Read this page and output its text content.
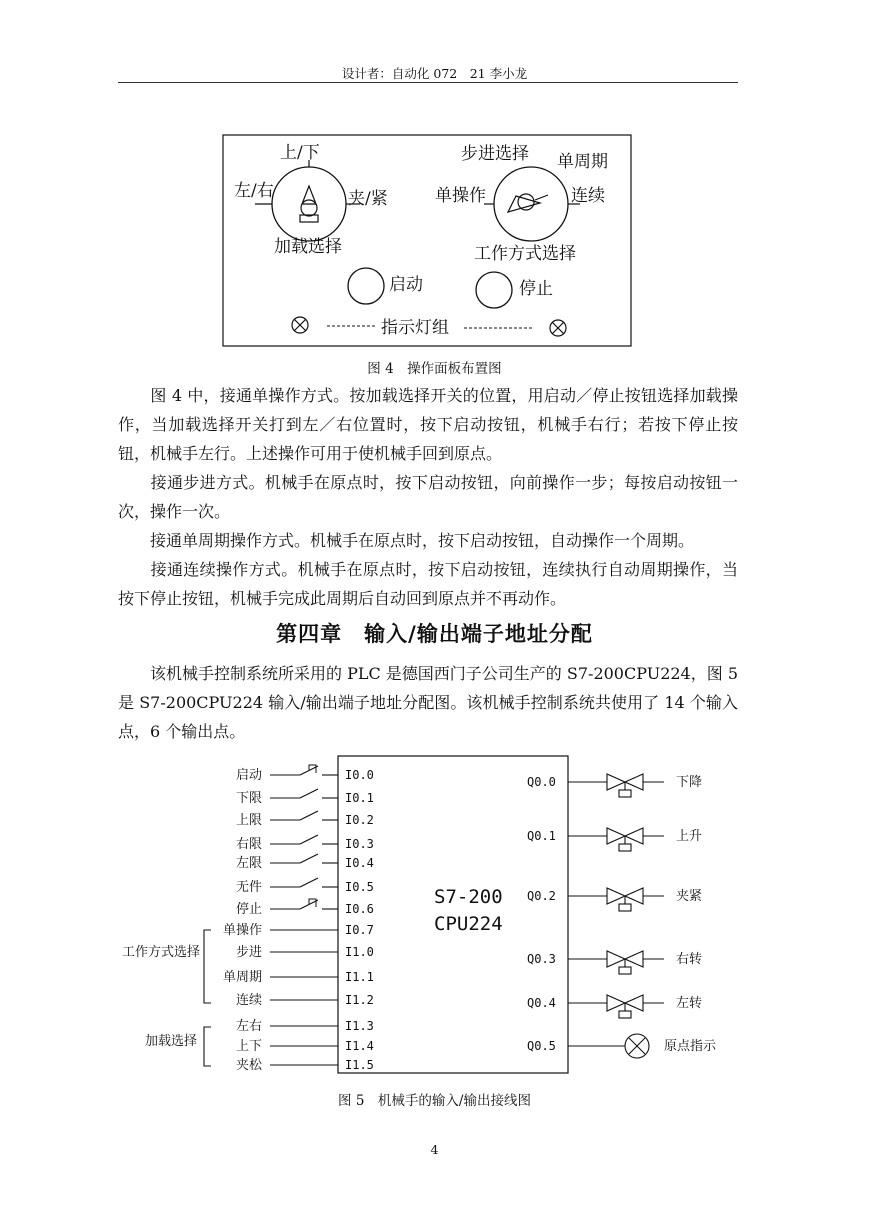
设计者：自动化 072　21 李小龙
上/下
左/右	夹/紧
加载选择
步进选择 单周期
单操作	连续
工作方式选择
启动	停止
指示灯组
图 4　操作面板布置图

　　图 4 中，接通单操作方式。按加载选择开关的位置，用启动／停止按钮选择加载操作，当加载选择开关打到左／右位置时，按下启动按钮，机械手右行；若按下停止按钮，机械手左行。上述操作可用于使机械手回到原点。

　　接通步进方式。机械手在原点时，按下启动按钮，向前操作一步；每按启动按钮一次，操作一次。

　　接通单周期操作方式。机械手在原点时，按下启动按钮，自动操作一个周期。

　　接通连续操作方式。机械手在原点时，按下启动按钮，连续执行自动周期操作，当按下停止按钮，机械手完成此周期后自动回到原点并不再动作。

第四章　输入/输出端子地址分配

　　该机械手控制系统所采用的 PLC 是德国西门子公司生产的 S7-200CPU224，图 5 是 S7-200CPU224 输入/输出端子地址分配图。该机械手控制系统共使用了 14 个输入点，6 个输出点。

S7-200
CPU224
启动	I0.0
下限	I0.1
上限	I0.2
右限	I0.3
左限	I0.4
无件	I0.5
停止	I0.6
单操作	I0.7
步进	I1.0
单周期	I1.1
连续	I1.2
左右	I1.3
上下	I1.4
夹松	I1.5
Q0.0	下降
Q0.1	上升
Q0.2	夹紧
Q0.3	右转
Q0.4	左转
Q0.5	原点指示
工作方式选择
加载选择
图 5　机械手的输入/输出接线图
4
